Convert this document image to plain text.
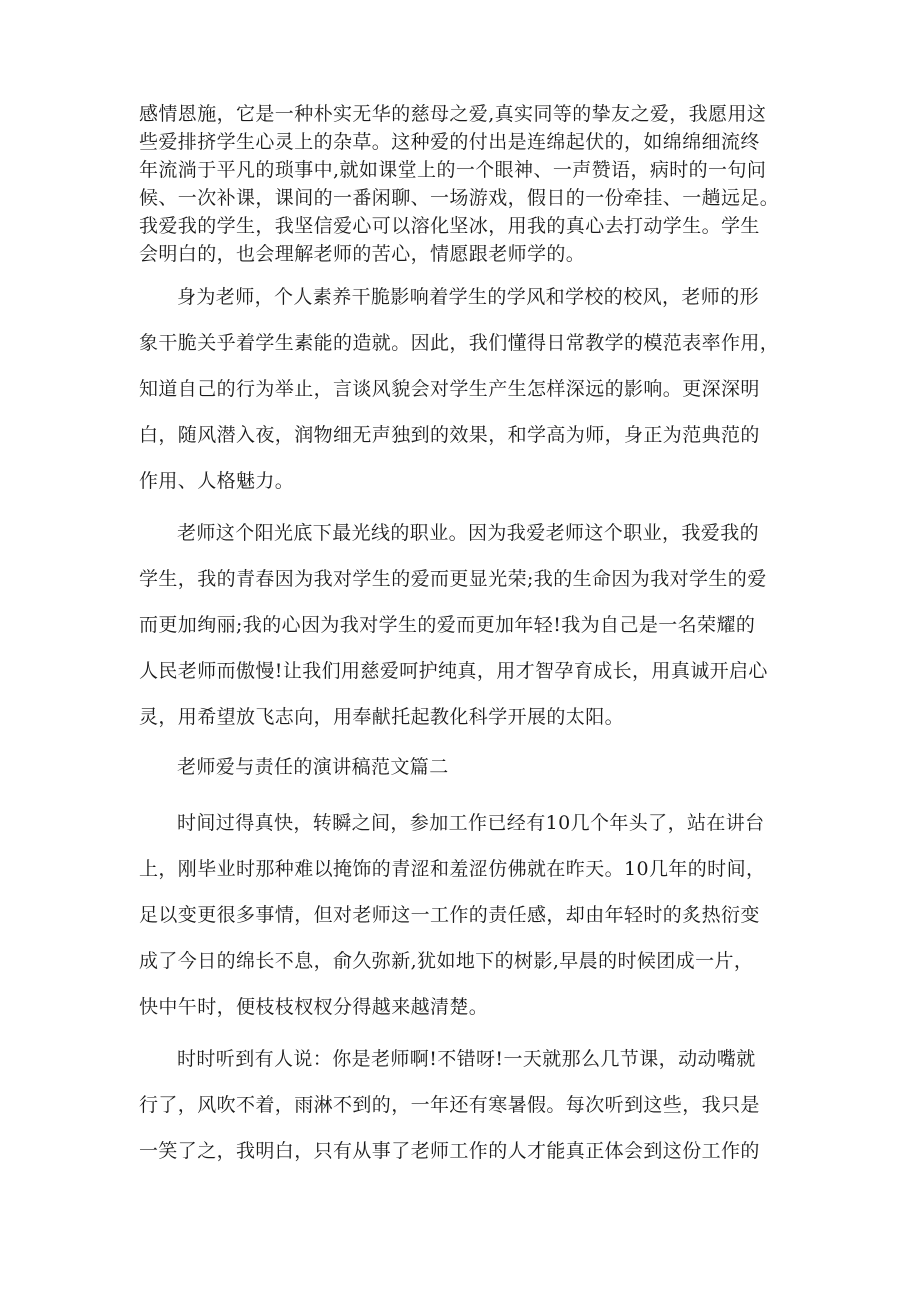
感情恩施，它是一种朴实无华的慈母之爱,真实同等的挚友之爱，我愿用这
些爱排挤学生心灵上的杂草。这种爱的付出是连绵起伏的，如绵绵细流终
年流淌于平凡的琐事中,就如课堂上的一个眼神、一声赞语，病时的一句问
候、一次补课，课间的一番闲聊、一场游戏，假日的一份牵挂、一趟远足。
我爱我的学生，我坚信爱心可以溶化坚冰，用我的真心去打动学生。学生
会明白的，也会理解老师的苦心，情愿跟老师学的。
身为老师，个人素养干脆影响着学生的学风和学校的校风，老师的形
象干脆关乎着学生素能的造就。因此，我们懂得日常教学的模范表率作用，
知道自己的行为举止，言谈风貌会对学生产生怎样深远的影响。更深深明
白，随风潜入夜，润物细无声独到的效果，和学高为师，身正为范典范的
作用、人格魅力。
老师这个阳光底下最光线的职业。因为我爱老师这个职业，我爱我的
学生，我的青春因为我对学生的爱而更显光荣;我的生命因为我对学生的爱
而更加绚丽;我的心因为我对学生的爱而更加年轻!我为自己是一名荣耀的
人民老师而傲慢!让我们用慈爱呵护纯真，用才智孕育成长，用真诚开启心
灵，用希望放飞志向，用奉献托起教化科学开展的太阳。
老师爱与责任的演讲稿范文篇二
时间过得真快，转瞬之间，参加工作已经有10几个年头了，站在讲台
上，刚毕业时那种难以掩饰的青涩和羞涩仿佛就在昨天。10几年的时间，
足以变更很多事情，但对老师这一工作的责任感，却由年轻时的炙热衍变
成了今日的绵长不息，俞久弥新,犹如地下的树影,早晨的时候团成一片，
快中午时，便枝枝杈杈分得越来越清楚。
时时听到有人说：你是老师啊!不错呀!一天就那么几节课，动动嘴就
行了，风吹不着，雨淋不到的，一年还有寒暑假。每次听到这些，我只是
一笑了之，我明白，只有从事了老师工作的人才能真正体会到这份工作的
